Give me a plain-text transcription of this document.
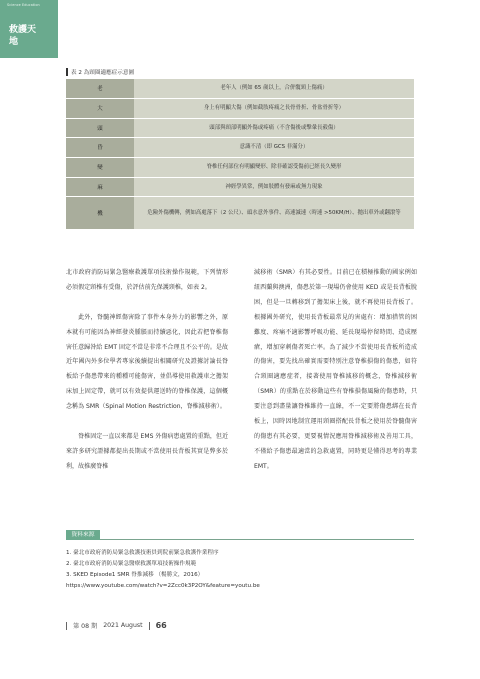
Science Education
救護天地
表 2 為頸圈適應症示意圖
老	老年人（例如 65 歲以上，合併髖頸上傷痛）
大	身上有明顯大傷（例如截肢疼痛之長骨骨折、骨盆骨折等）
頭	頭部與頸部明顯外傷或疼痛（不含傷後或擊暈長毅傷）
昏	意識不清（即 GCS 非滿分）
變	脊椎任何部位有明顯變形、除非確認受傷前已經長久變形
麻	神經學異常，例如肢體有發麻或無力現象
機	危險外傷機轉，例如高處落下（2 公尺）、頭水意外事件、高速滅速（時速 >50KM/H）、拋出車外或翻滾等

北市政府消防局緊急醫療救護單項技術操作規範，下列情形必須假定頸椎有受傷，於評估前先保護頸椎，如表 2。

此外，脊髓神經傷害除了事件本身外力的影響之外，原本就有可能因為神經發炎腫脹而持續惡化，因此若把脊椎傷害任意歸咎給 EMT 固定不當是非常不合理且不公平的。是故近年國內外多位學者專家後續提出相關研究及證據討論長脊板給予傷患帶來的種種可能傷害，並倡導使用救護車之擔架床加上固定帶，就可以有效提供運送時的脊椎保護，這個概念稱為 SMR（Spinal Motion Restriction，脊椎減移術）。

脊椎固定一直以來都是 EMS 外傷病患處置的重點，但近來許多研究證據都提出長期或不當使用長背板其實是弊多於利，故推廣脊椎

減移術（SMR）有其必要性。目前已在積極推動的國家例如紐西蘭與澳洲，傷患於第一現場仍會使用 KED 或是長背板脫困，但是一旦轉移到了擔架床上後，就不再使用長背板了。根據國外研究，使用長背板最常見的害處有：增加措管的困難度、疼痛不適影響呼吸功能、延長現場停留時間、造成壓瘡，增加穿刺傷者死亡率。為了減少不當使用長背板所造成的傷害，要先找出確實需要特別注意脊椎損傷的傷患，如符合頸圈適應症者，接著使用脊椎減移的概念，脊椎減移術（SMR）的重點在於移動這些有脊椎損傷風險的傷患時，只要注意到盡量讓脊椎維持一直線，不一定要將傷患綁在長背板上，因時因地制宜運用頸圈搭配長背板之使用於脊髓傷害的傷患有其必要，更要視情況應用脊椎減移術及善用工具，不僅給予傷患最適當的急救處置，同時更是懂得思考的專業 EMT。

資料來源
1. 臺北市政府消防局緊急救護技術員到院前緊急救護作業程序
2. 臺北市政府消防局緊急醫療救護單項技術操作規範
3. SKED Episode1 SMR 脊推減移 （楊勝文，2016）
https://www.youtube.com/watch?v=2Zcc0k3P2OY&feature=youtu.be
第 08 期 2021 August 66
